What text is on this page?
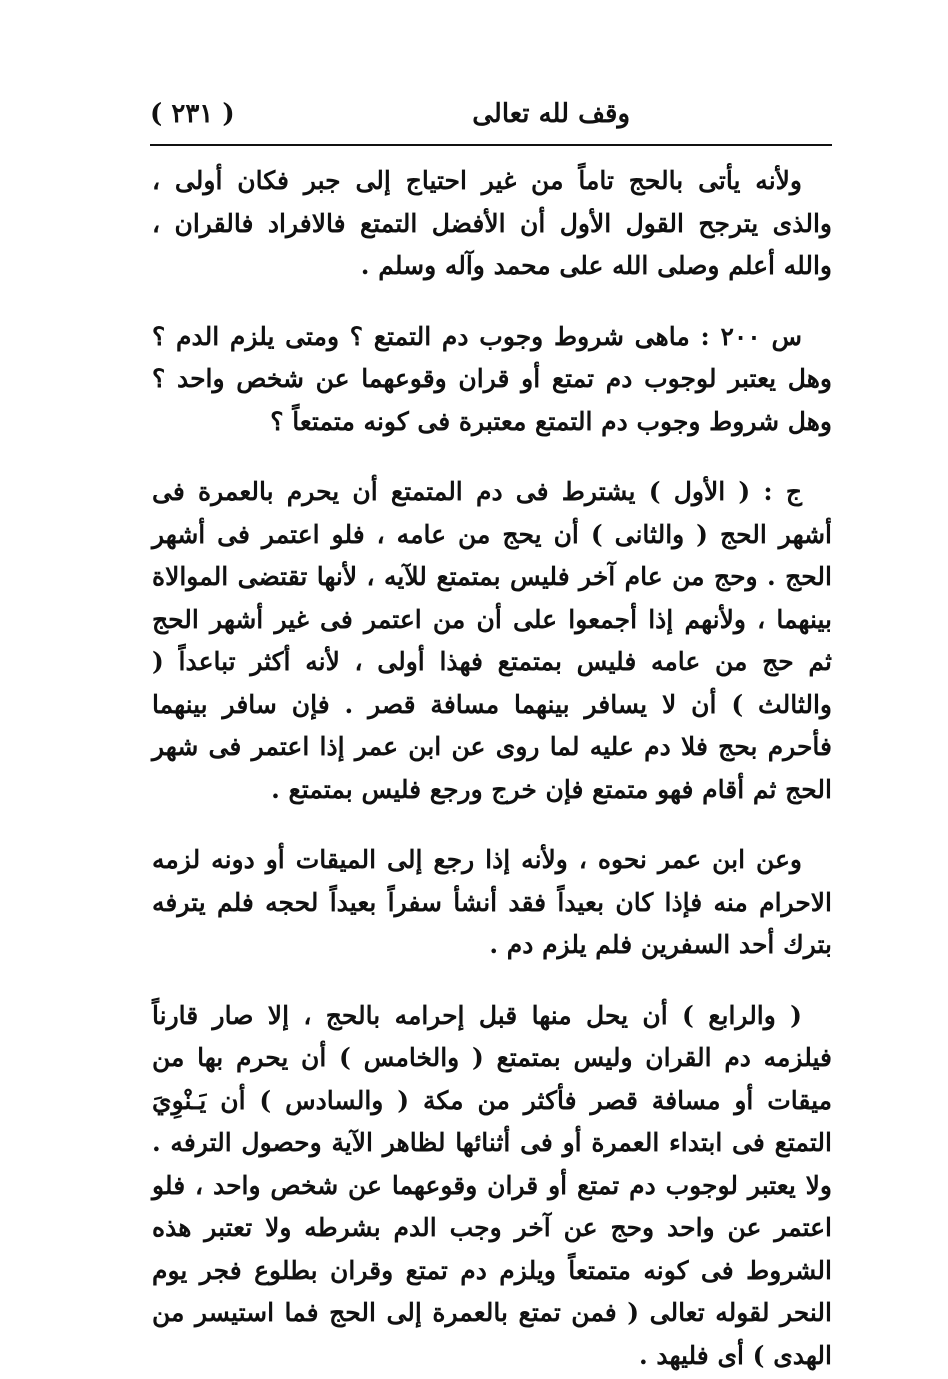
وقف لله تعالى
( ٢٣١ )

ولأنه يأتى بالحج تاماً من غير احتياج إلى جبر فكان أولى ، والذى يترجح القول الأول أن الأفضل التمتع فالافراد فالقران ، والله أعلم وصلى الله على محمد وآله وسلم .

س ٢٠٠ : ماهى شروط وجوب دم التمتع ؟ ومتى يلزم الدم ؟ وهل يعتبر لوجوب دم تمتع أو قران وقوعهما عن شخص واحد ؟ وهل شروط وجوب دم التمتع معتبرة فى كونه متمتعاً ؟

ج : ( الأول ) يشترط فى دم المتمتع أن يحرم بالعمرة فى أشهر الحج ( والثانى ) أن يحج من عامه ، فلو اعتمر فى أشهر الحج . وحج من عام آخر فليس بمتمتع للآيه ، لأنها تقتضى الموالاة بينهما ، ولأنهم إذا أجمعوا على أن من اعتمر فى غير أشهر الحج ثم حج من عامه فليس بمتمتع فهذا أولى ، لأنه أكثر تباعداً ( والثالث ) أن لا يسافر بينهما مسافة قصر . فإن سافر بينهما فأحرم بحج فلا دم عليه لما روى عن ابن عمر إذا اعتمر فى شهر الحج ثم أقام فهو متمتع فإن خرج ورجع فليس بمتمتع .

وعن ابن عمر نحوه ، ولأنه إذا رجع إلى الميقات أو دونه لزمه الاحرام منه فإذا كان بعيداً فقد أنشأ سفراً بعيداً لحجه فلم يترفه بترك أحد السفرين فلم يلزم دم .

( والرابع ) أن يحل منها قبل إحرامه بالحج ، إلا صار قارناً فيلزمه دم القران وليس بمتمتع ( والخامس ) أن يحرم بها من ميقات أو مسافة قصر فأكثر من مكة ( والسادس ) أن يَـنْوِيَ التمتع فى ابتداء العمرة أو فى أثنائها لظاهر الآية وحصول الترفه . ولا يعتبر لوجوب دم تمتع أو قران وقوعهما عن شخص واحد ، فلو اعتمر عن واحد وحج عن آخر وجب الدم بشرطه ولا تعتبر هذه الشروط فى كونه متمتعاً ويلزم دم تمتع وقران بطلوع فجر يوم النحر لقوله تعالى ( فمن تمتع بالعمرة إلى الحج فما استيسر من الهدى ) أى فليهد .
